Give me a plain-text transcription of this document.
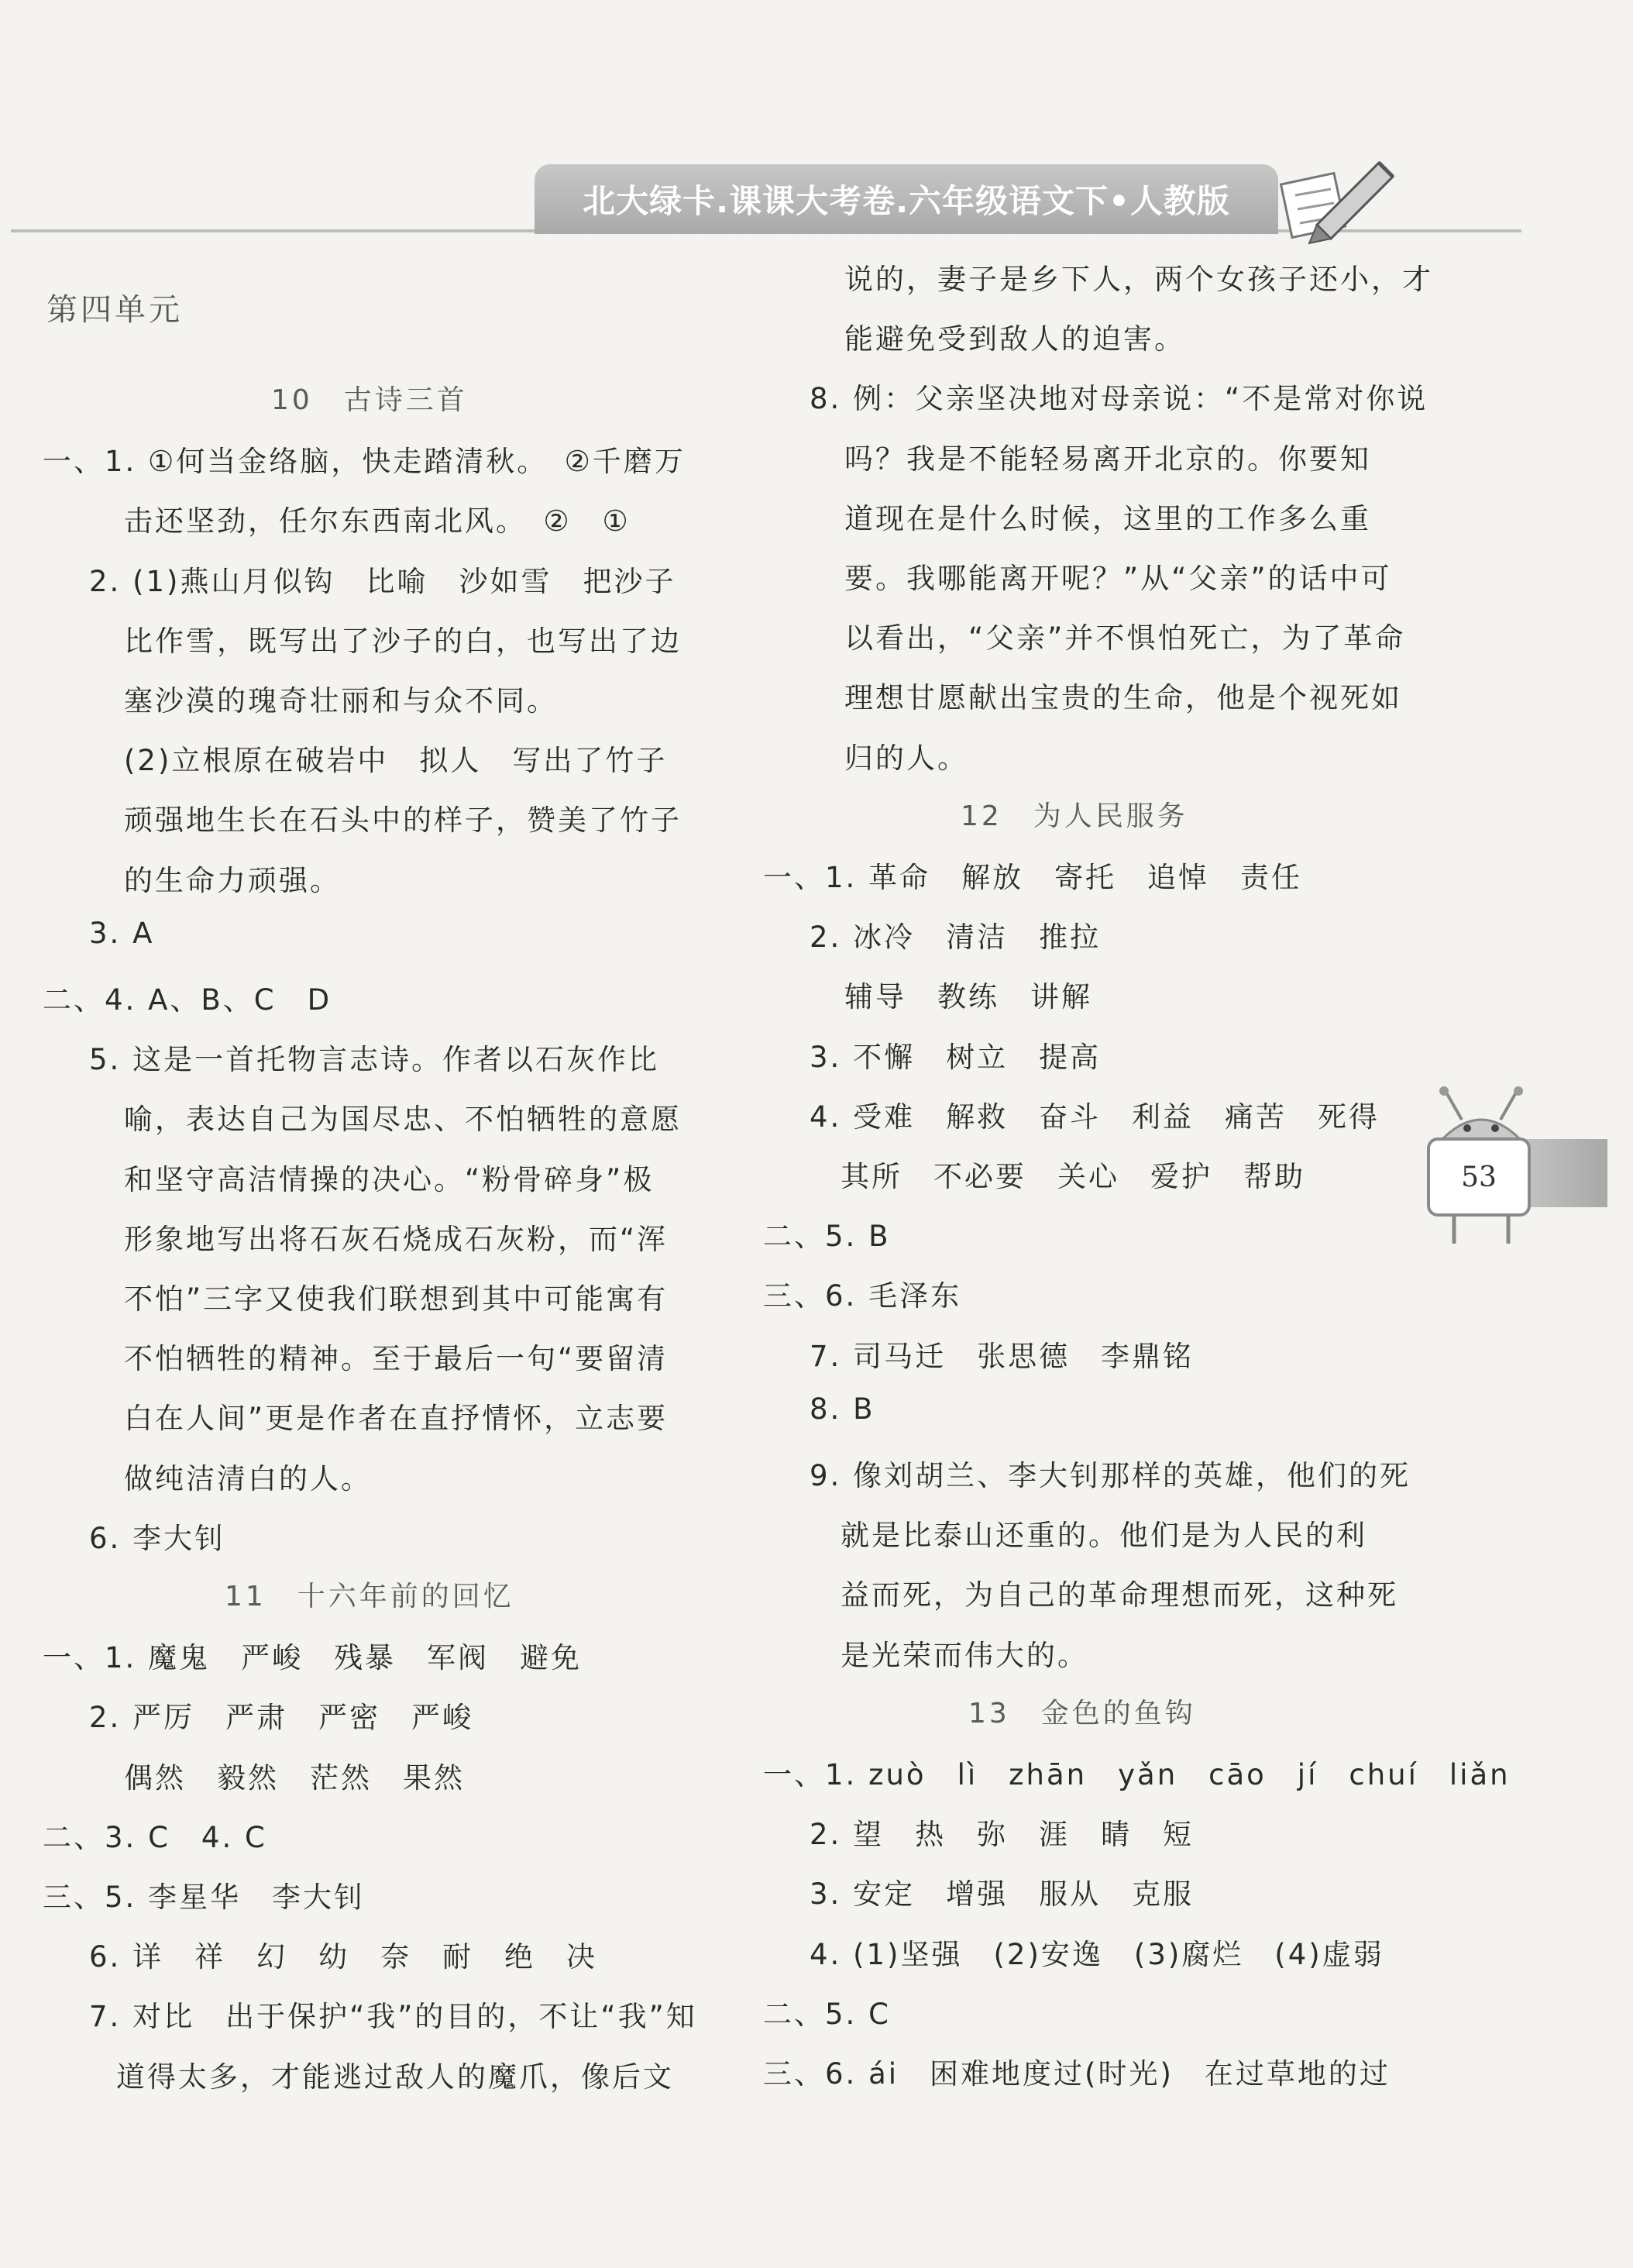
北大绿卡.课课大考卷.六年级语文下•人教版
53
第四单元
10　古诗三首
一、1. ①何当金络脑，快走踏清秋。　②千磨万
击还坚劲，任尔东西南北风。　②　①
2. (1)燕山月似钩　比喻　沙如雪　把沙子
比作雪，既写出了沙子的白，也写出了边
塞沙漠的瑰奇壮丽和与众不同。
(2)立根原在破岩中　拟人　写出了竹子
顽强地生长在石头中的样子，赞美了竹子
的生命力顽强。
3. A
二、4. A、B、C　D
5. 这是一首托物言志诗。作者以石灰作比
喻，表达自己为国尽忠、不怕牺牲的意愿
和坚守高洁情操的决心。“粉骨碎身”极
形象地写出将石灰石烧成石灰粉，而“浑
不怕”三字又使我们联想到其中可能寓有
不怕牺牲的精神。至于最后一句“要留清
白在人间”更是作者在直抒情怀，立志要
做纯洁清白的人。
6. 李大钊
11　十六年前的回忆
一、1. 魔鬼　严峻　残暴　军阀　避免
2. 严厉　严肃　严密　严峻
偶然　毅然　茫然　果然
二、3. C　4. C
三、5. 李星华　李大钊
6. 详　祥　幻　幼　奈　耐　绝　决
7. 对比　出于保护“我”的目的，不让“我”知
道得太多，才能逃过敌人的魔爪，像后文
说的，妻子是乡下人，两个女孩子还小，才
能避免受到敌人的迫害。
8. 例：父亲坚决地对母亲说：“不是常对你说
吗？我是不能轻易离开北京的。你要知
道现在是什么时候，这里的工作多么重
要。我哪能离开呢？”从“父亲”的话中可
以看出，“父亲”并不惧怕死亡，为了革命
理想甘愿献出宝贵的生命，他是个视死如
归的人。
12　为人民服务
一、1. 革命　解放　寄托　追悼　责任
2. 冰冷　清洁　推拉
辅导　教练　讲解
3. 不懈　树立　提高
4. 受难　解救　奋斗　利益　痛苦　死得
其所　不必要　关心　爱护　帮助
二、5. B
三、6. 毛泽东
7. 司马迁　张思德　李鼎铭
8. B
9. 像刘胡兰、李大钊那样的英雄，他们的死
就是比泰山还重的。他们是为人民的利
益而死，为自己的革命理想而死，这种死
是光荣而伟大的。
13　金色的鱼钩
一、1. zuò　lì　zhān　yǎn　cāo　jí　chuí　liǎn
2. 望　热　弥　涯　睛　短
3. 安定　增强　服从　克服
4. (1)坚强　(2)安逸　(3)腐烂　(4)虚弱
二、5. C
三、6. ái　困难地度过(时光)　在过草地的过
